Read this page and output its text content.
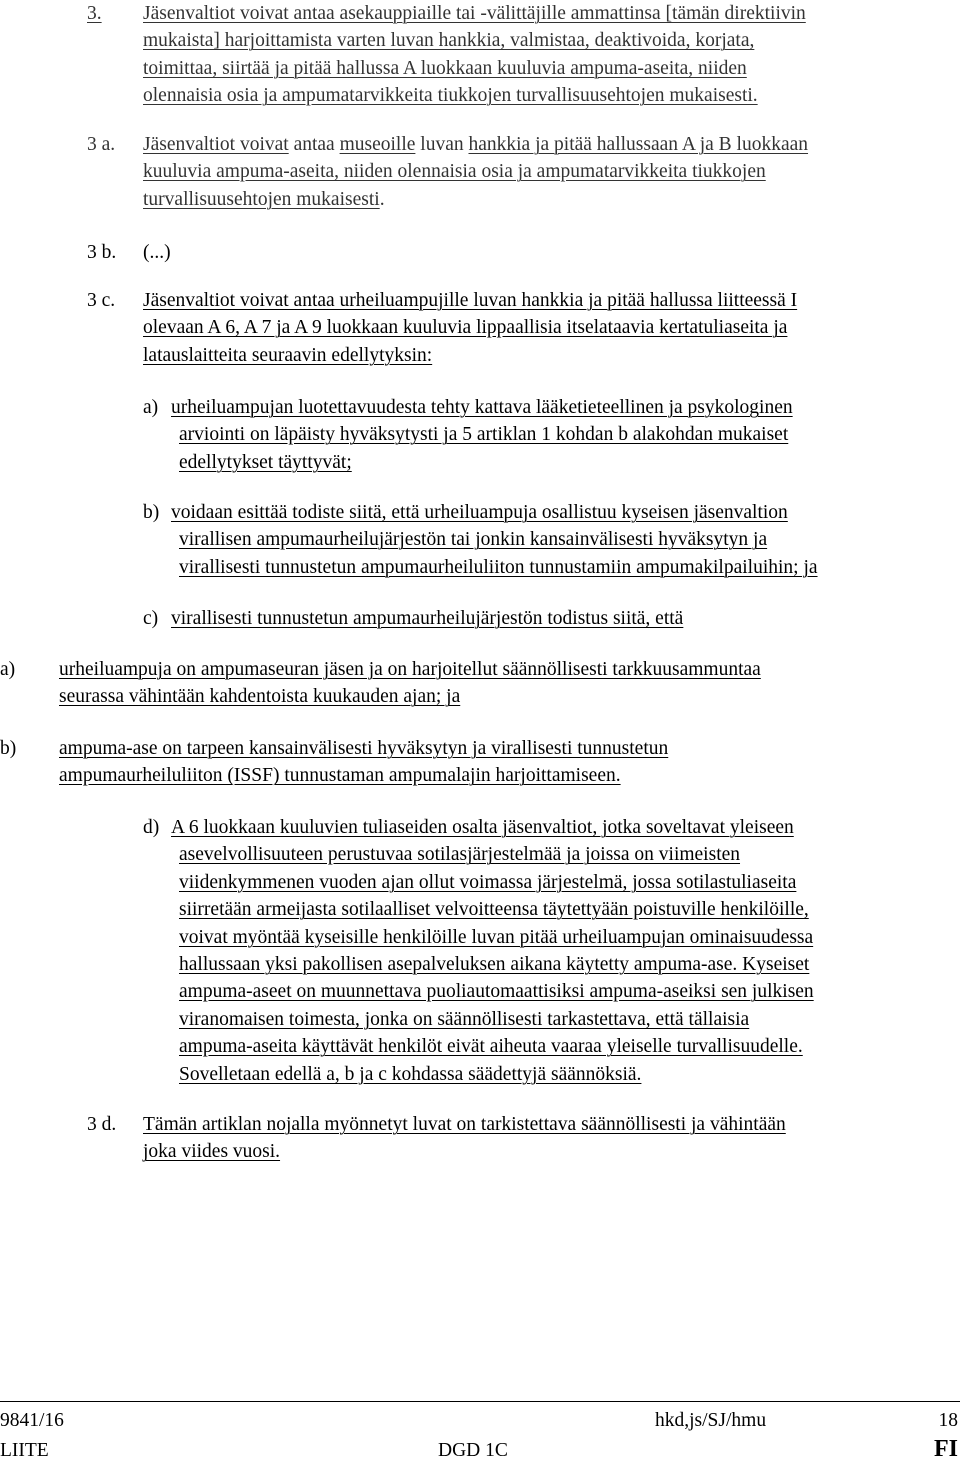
3. Jäsenvaltiot voivat antaa asekauppiaille tai -välittäjille ammattinsa [tämän direktiivin

mukaista] harjoittamista varten luvan hankkia, valmistaa, deaktivoida, korjata,

toimittaa, siirtää ja pitää hallussa A luokkaan kuuluvia ampuma-aseita, niiden

olennaisia osia ja ampumatarvikkeita tiukkojen turvallisuusehtojen mukaisesti.

3 a. Jäsenvaltiot voivat antaa museoille luvan hankkia ja pitää hallussaan A ja B luokkaan

kuuluvia ampuma-aseita, niiden olennaisia osia ja ampumatarvikkeita tiukkojen

turvallisuusehtojen mukaisesti.

3 b. (...)
3 c. Jäsenvaltiot voivat antaa urheiluampujille luvan hankkia ja pitää hallussa liitteessä I

olevaan A 6, A 7 ja A 9 luokkaan kuuluvia lippaallisia itselataavia kertatuliaseita ja

latauslaitteita seuraavin edellytyksin:

a) urheiluampujan luotettavuudesta tehty kattava lääketieteellinen ja psykologinen

arviointi on läpäisty hyväksytysti ja 5 artiklan 1 kohdan b alakohdan mukaiset

edellytykset täyttyvät;

b) voidaan esittää todiste siitä, että urheiluampuja osallistuu kyseisen jäsenvaltion

virallisen ampumaurheilujärjestön tai jonkin kansainvälisesti hyväksytyn ja

virallisesti tunnustetun ampumaurheiluliiton tunnustamiin ampumakilpailuihin; ja

c) virallisesti tunnustetun ampumaurheilujärjestön todistus siitä, että

a) urheiluampuja on ampumaseuran jäsen ja on harjoitellut säännöllisesti tarkkuusammuntaa

seurassa vähintään kahdentoista kuukauden ajan; ja

b) ampuma-ase on tarpeen kansainvälisesti hyväksytyn ja virallisesti tunnustetun

ampumaurheiluliiton (ISSF) tunnustaman ampumalajin harjoittamiseen.

d) A 6 luokkaan kuuluvien tuliaseiden osalta jäsenvaltiot, jotka soveltavat yleiseen

asevelvollisuuteen perustuvaa sotilasjärjestelmää ja joissa on viimeisten

viidenkymmenen vuoden ajan ollut voimassa järjestelmä, jossa sotilastuliaseita

siirretään armeijasta sotilaalliset velvoitteensa täytettyään poistuville henkilöille,

voivat myöntää kyseisille henkilöille luvan pitää urheiluampujan ominaisuudessa

hallussaan yksi pakollisen asepalveluksen aikana käytetty ampuma-ase. Kyseiset

ampuma-aseet on muunnettava puoliautomaattisiksi ampuma-aseiksi sen julkisen

viranomaisen toimesta, jonka on säännöllisesti tarkastettava, että tällaisia

ampuma-aseita käyttävät henkilöt eivät aiheuta vaaraa yleiselle turvallisuudelle.

Sovelletaan edellä a, b ja c kohdassa säädettyjä säännöksiä.

3 d. Tämän artiklan nojalla myönnetyt luvat on tarkistettava säännöllisesti ja vähintään

joka viides vuosi.

9841/16	hkd,js/SJ/hmu	18
LIITE	DGD 1C	FI
